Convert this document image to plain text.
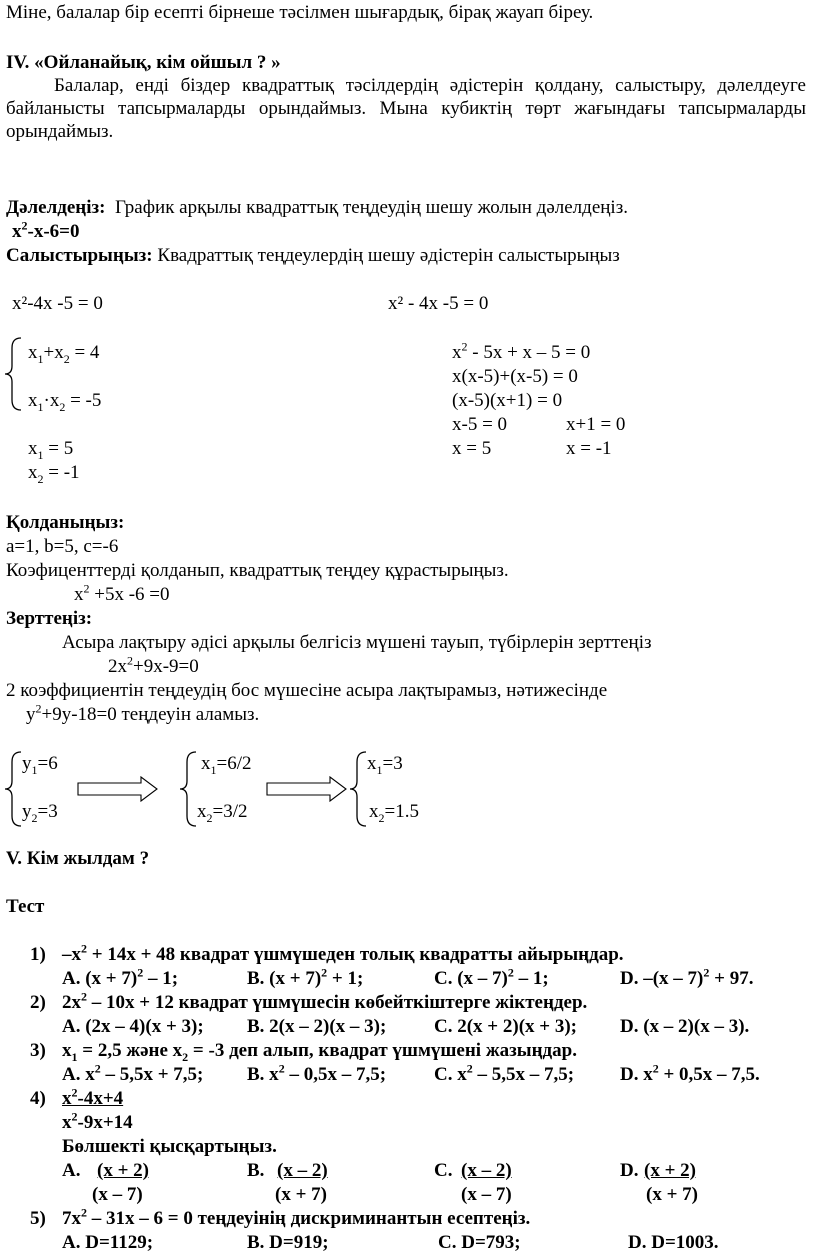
Міне, балалар бір есепті бірнеше тәсілмен шығардық, бірақ жауап біреу.
IV. «Ойланайық, кім ойшыл ? »
Балалар, енді біздер квадраттық тәсілдердің әдістерін қолдану, салыстыру, дәлелдеуге байланысты тапсырмаларды орындаймыз. Мына кубиктің төрт жағындағы тапсырмаларды орындаймыз.
Дәлелдеңіз: График арқылы квадраттық теңдеудің шешу жолын дәлелдеңіз.
$x^2-x-6=0$
Салыстырыңыз: Квадраттық теңдеулердің шешу әдістерін салыстырыңыз
x²-4x -5 = 0	x² - 4x -5 = 0
$x_1+x_2 = 4$
$x_1\cdot x_2 = -5$
$x_1 = 5$
$x_2 = -1$
$x^2 - 5x + x - 5 = 0$
x(x-5)+(x-5) = 0
(x-5)(x+1) = 0
x-5 = 0	x+1 = 0
x = 5	x = -1
Қолданыңыз:
a=1, b=5, c=-6
Коэфиценттерді қолданып, квадраттық теңдеу құрастырыңыз.
$x^2 +5x$ -6 =0
Зерттеңіз:
Асыра лақтыру әдісі арқылы белгісіз мүшені тауып, түбірлерін зерттеңіз
$2x^2+9x-9=0$
2 коэффициентін теңдеудің бос мүшесіне асыра лақтырамыз, нәтижесінде
$y^2+9y-18=0$ теңдеуін аламыз.
$y_1=6$
$y_2=3$
$x_1=6/2$
$x_2=3/2$
$x_1=3$
$x_2=1.5$
V. Кім жылдам ?
Тест
1) $-x^2 + 14x + 48$ квадрат үшмүшеден толық квадратты айырыңдар.
A. $(x + 7)^2 - 1$;	B. $(x + 7)^2 + 1$;	C. (x – 7)$^2$ – 1;	D. –(x – 7)$^2$ + 97.
2) $2x^2 - 10x + 12$ квадрат үшмүшесін көбейткіштерге жіктеңдер.
A. (2x – 4)(x + 3); B. 2(x – 2)(x – 3);	C. 2(x + 2)(x + 3); D. (x – 2)(x – 3).
3) $x_1 = 2,5$ және $x_2 = -3$ деп алып, квадрат үшмүшені жазыңдар.
A. $x^2 - 5,5x + 7,5$; B. $x^2 - 0,5x - 7,5$;	C. $x^2 - 5,5x - 7,5$; D. $x^2 + 0,5x - 7,5$.
4) $x^2-4x+4$
$x^2-9x+14$
Бөлшекті қысқартыңыз.
A. (x + 2)
(x – 7)
B. (x – 2)
(x + 7)
C. (x – 2)
(x – 7)
D. (x + 2)
(x + 7)
5) $7x^2 - 31x - 6 = 0$ теңдеуінің дискриминантын есептеңіз.
A. D=1129;	B. D=919;	C. D=793;	D. D=1003.
